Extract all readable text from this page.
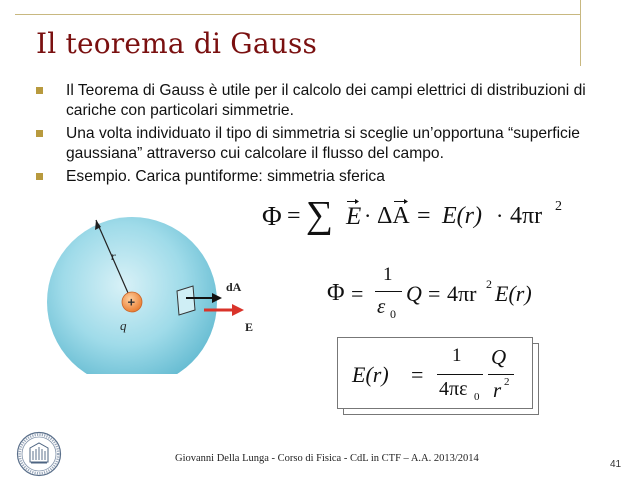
Il teorema di Gauss
Il Teorema di Gauss è utile per il calcolo dei campi elettrici di distribuzioni di cariche con particolari simmetrie.
Una volta individuato il tipo di simmetria si sceglie un’opportuna “superficie gaussiana” attraverso cui calcolare il flusso del campo.
Esempio. Carica puntiforme: simmetria sferica
r
+
q
dA
E
Φ = ∑ E · ΔA = E(r) · 4πr 2
Φ =
1
ε 0
Q = 4πr 2 E(r)
E(r) =
1
4πε 0
Q
r 2
Giovanni Della Lunga - Corso di Fisica - CdL in CTF – A.A. 2013/2014
41
